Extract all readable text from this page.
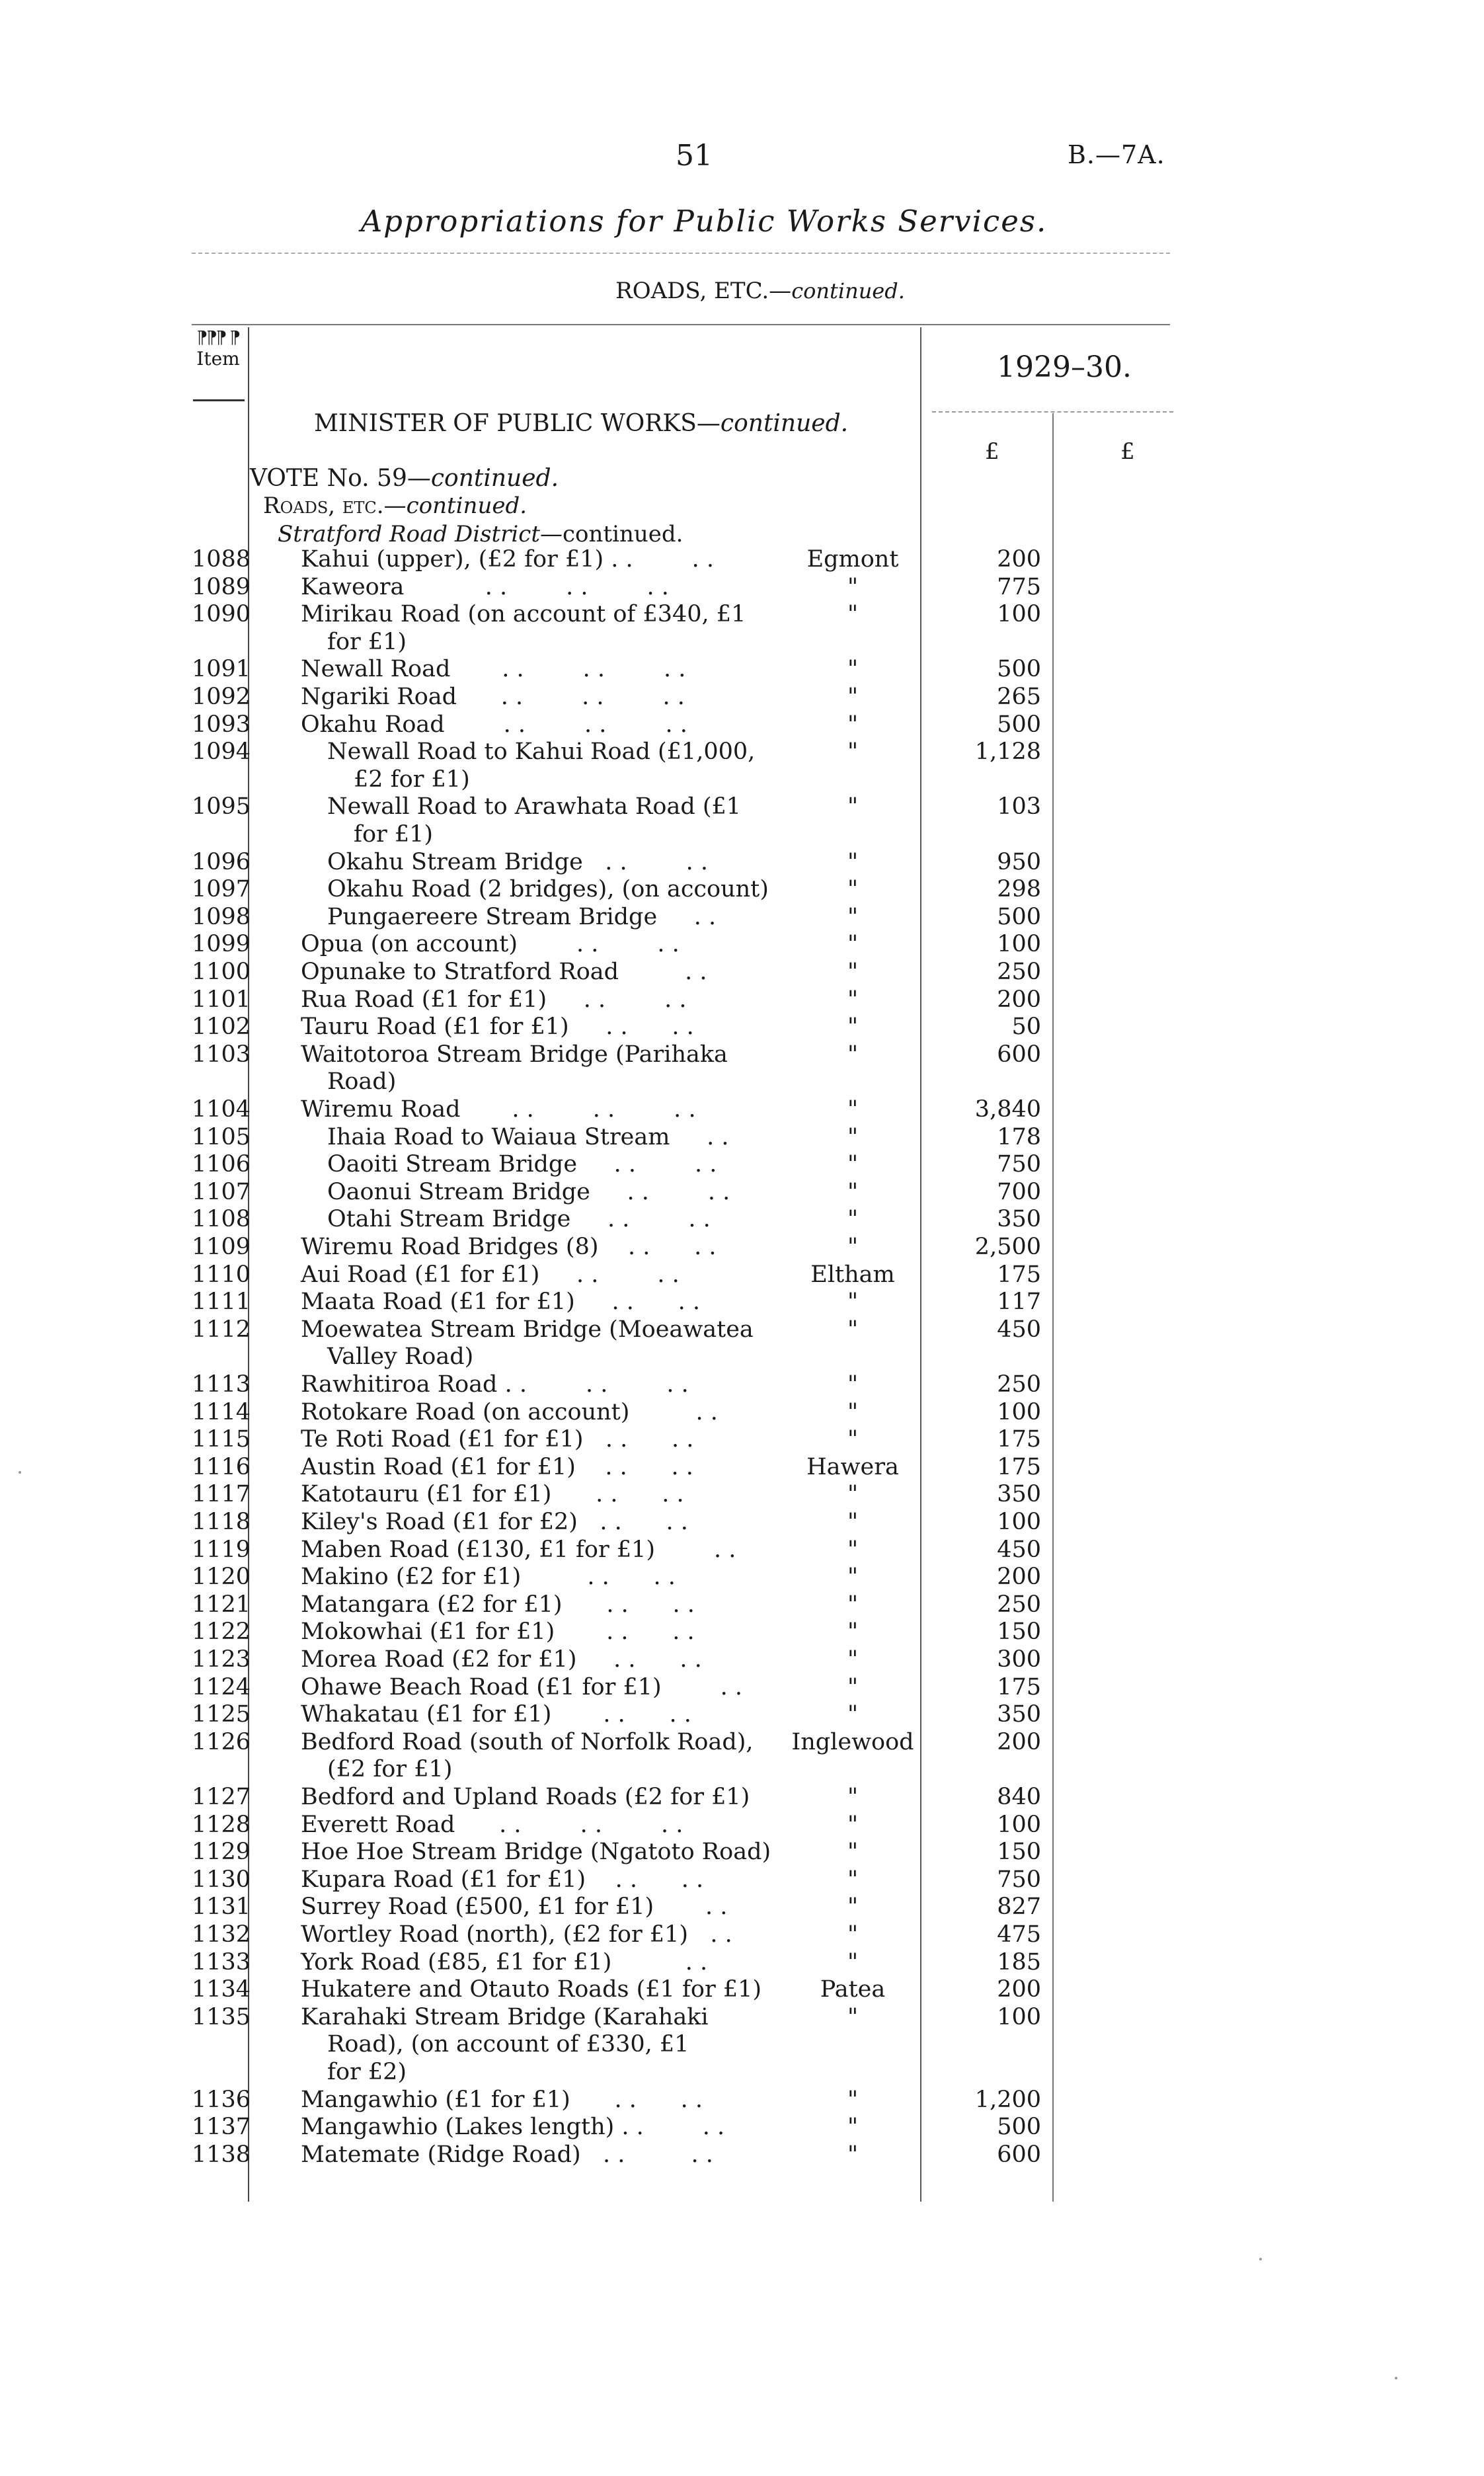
51	B.—7A.
Appropriations for Public Works Services.
ROADS, ETC.—continued.
⁋⁋⁋ ⁋
Item	1929–30.
MINISTER OF PUBLIC WORKS—continued.
£	£
VOTE No. 59—continued.
Roads, etc.—continued.
Stratford Road District—continued.
1088 Kahui (upper), (£2 for £1) . .        . .	Egmont	200
1089 Kaweora           . .        . .        . .	"	775
1090 Mirikau Road (on account of £340, £1
for £1)
"	100
1091 Newall Road       . .        . .        . .	"	500
1092 Ngariki Road      . .        . .        . .	"	265
1093 Okahu Road        . .        . .        . .	"	500
1094	Newall Road to Kahui Road (£1,000,
£2 for £1)
"	1,128
1095	Newall Road to Arawhata Road (£1
for £1)
"	103
1096	Okahu Stream Bridge   . .        . .	"	950
1097	Okahu Road (2 bridges), (on account)	"	298
1098	Pungaereere Stream Bridge     . .	"	500
1099 Opua (on account)        . .        . .	"	100
1100 Opunake to Stratford Road         . .	"	250
1101 Rua Road (£1 for £1)     . .        . .	"	200
1102 Tauru Road (£1 for £1)     . .      . .	"	50
1103 Waitotoroa Stream Bridge (Parihaka
Road)
"	600
1104 Wiremu Road       . .        . .        . .	"	3,840
1105	Ihaia Road to Waiaua Stream     . .	"	178
1106	Oaoiti Stream Bridge     . .        . .	"	750
1107	Oaonui Stream Bridge     . .        . .	"	700
1108	Otahi Stream Bridge     . .        . .	"	350
1109 Wiremu Road Bridges (8)    . .      . .	"	2,500
1110 Aui Road (£1 for £1)     . .        . .	Eltham	175
1111 Maata Road (£1 for £1)     . .      . .	"	117
1112 Moewatea Stream Bridge (Moeawatea
Valley Road)
"	450
1113 Rawhitiroa Road . .        . .        . .	"	250
1114 Rotokare Road (on account)         . .	"	100
1115 Te Roti Road (£1 for £1)   . .      . .	"	175
1116 Austin Road (£1 for £1)    . .      . .	Hawera	175
1117 Katotauru (£1 for £1)      . .      . .	"	350
1118 Kiley's Road (£1 for £2)   . .      . .	"	100
1119 Maben Road (£130, £1 for £1)        . .	"	450
1120 Makino (£2 for £1)         . .      . .	"	200
1121 Matangara (£2 for £1)      . .      . .	"	250
1122 Mokowhai (£1 for £1)       . .      . .	"	150
1123 Morea Road (£2 for £1)     . .      . .	"	300
1124 Ohawe Beach Road (£1 for £1)        . .	"	175
1125 Whakatau (£1 for £1)       . .      . .	"	350
1126 Bedford Road (south of Norfolk Road),
(£2 for £1)
Inglewood	200
1127 Bedford and Upland Roads (£2 for £1)	"	840
1128 Everett Road      . .        . .        . .	"	100
1129 Hoe Hoe Stream Bridge (Ngatoto Road)	"	150
1130 Kupara Road (£1 for £1)    . .      . .	"	750
1131 Surrey Road (£500, £1 for £1)       . .	"	827
1132 Wortley Road (north), (£2 for £1)   . .	"	475
1133 York Road (£85, £1 for £1)          . .	"	185
1134 Hukatere and Otauto Roads (£1 for £1)	Patea	200
1135 Karahaki Stream Bridge (Karahaki
Road), (on account of £330, £1
for £2)
"	100
1136 Mangawhio (£1 for £1)      . .      . .	"	1,200
1137 Mangawhio (Lakes length) . .        . .	"	500
1138 Matemate (Ridge Road)   . .         . .	"	600
